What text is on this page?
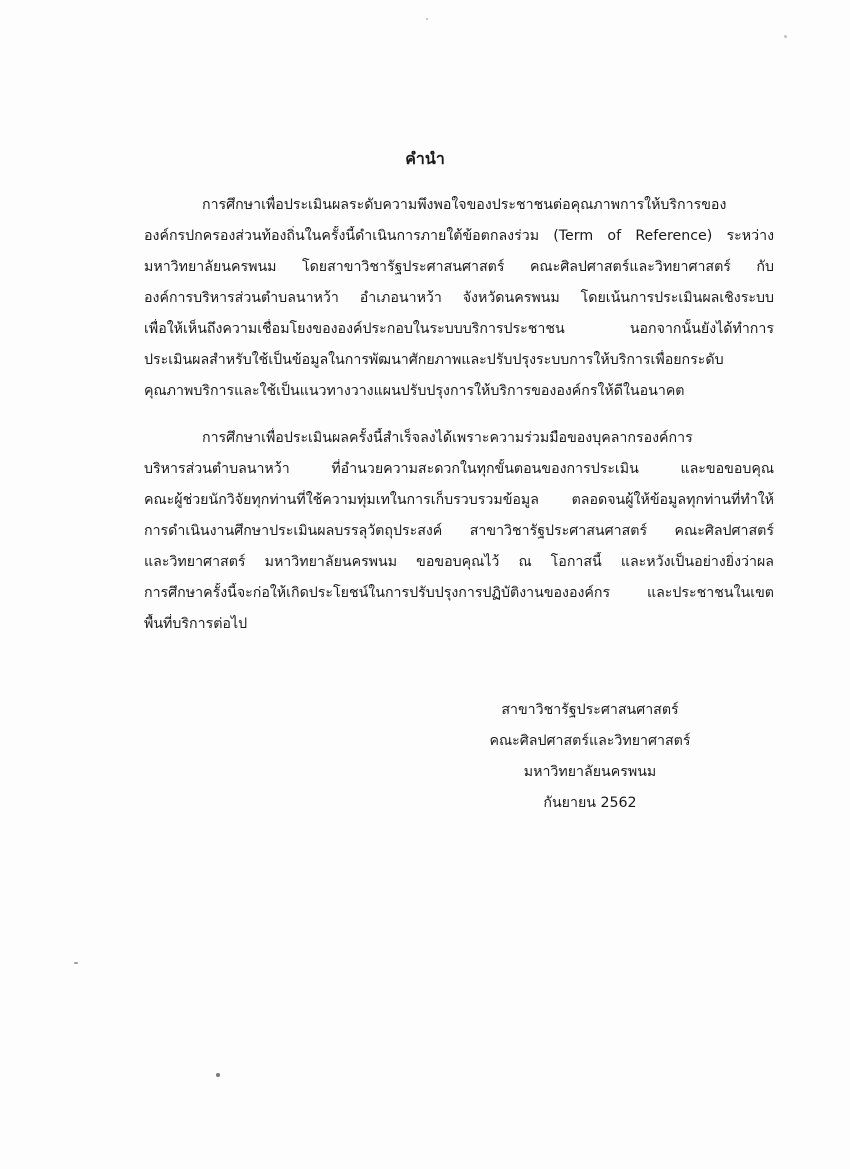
คำนำ

การศึกษาเพื่อประเมินผลระดับความพึงพอใจของประชาชนต่อคุณภาพการให้บริการของ

องค์กรปกครองส่วนท้องถิ่นในครั้งนี้ดำเนินการภายใต้ข้อตกลงร่วม (Term of Reference) ระหว่าง

มหาวิทยาลัยนครพนม โดยสาขาวิชารัฐประศาสนศาสตร์ คณะศิลปศาสตร์และวิทยาศาสตร์ กับ

องค์การบริหารส่วนตำบลนาหว้า อำเภอนาหว้า จังหวัดนครพนม โดยเน้นการประเมินผลเชิงระบบ

เพื่อให้เห็นถึงความเชื่อมโยงขององค์ประกอบในระบบบริการประชาชน นอกจากนั้นยังได้ทำการ

ประเมินผลสำหรับใช้เป็นข้อมูลในการพัฒนาศักยภาพและปรับปรุงระบบการให้บริการเพื่อยกระดับ

คุณภาพบริการและใช้เป็นแนวทางวางแผนปรับปรุงการให้บริการขององค์กรให้ดีในอนาคต

การศึกษาเพื่อประเมินผลครั้งนี้สำเร็จลงได้เพราะความร่วมมือของบุคลากรองค์การ

บริหารส่วนตำบลนาหว้า ที่อำนวยความสะดวกในทุกขั้นตอนของการประเมิน และขอขอบคุณ

คณะผู้ช่วยนักวิจัยทุกท่านที่ใช้ความทุ่มเทในการเก็บรวบรวมข้อมูล ตลอดจนผู้ให้ข้อมูลทุกท่านที่ทำให้

การดำเนินงานศึกษาประเมินผลบรรลุวัตถุประสงค์ สาขาวิชารัฐประศาสนศาสตร์ คณะศิลปศาสตร์

และวิทยาศาสตร์ มหาวิทยาลัยนครพนม ขอขอบคุณไว้ ณ โอกาสนี้ และหวังเป็นอย่างยิ่งว่าผล

การศึกษาครั้งนี้จะก่อให้เกิดประโยชน์ในการปรับปรุงการปฏิบัติงานขององค์กร และประชาชนในเขต

พื้นที่บริการต่อไป

สาขาวิชารัฐประศาสนศาสตร์

คณะศิลปศาสตร์และวิทยาศาสตร์

มหาวิทยาลัยนครพนม

กันยายน 2562
